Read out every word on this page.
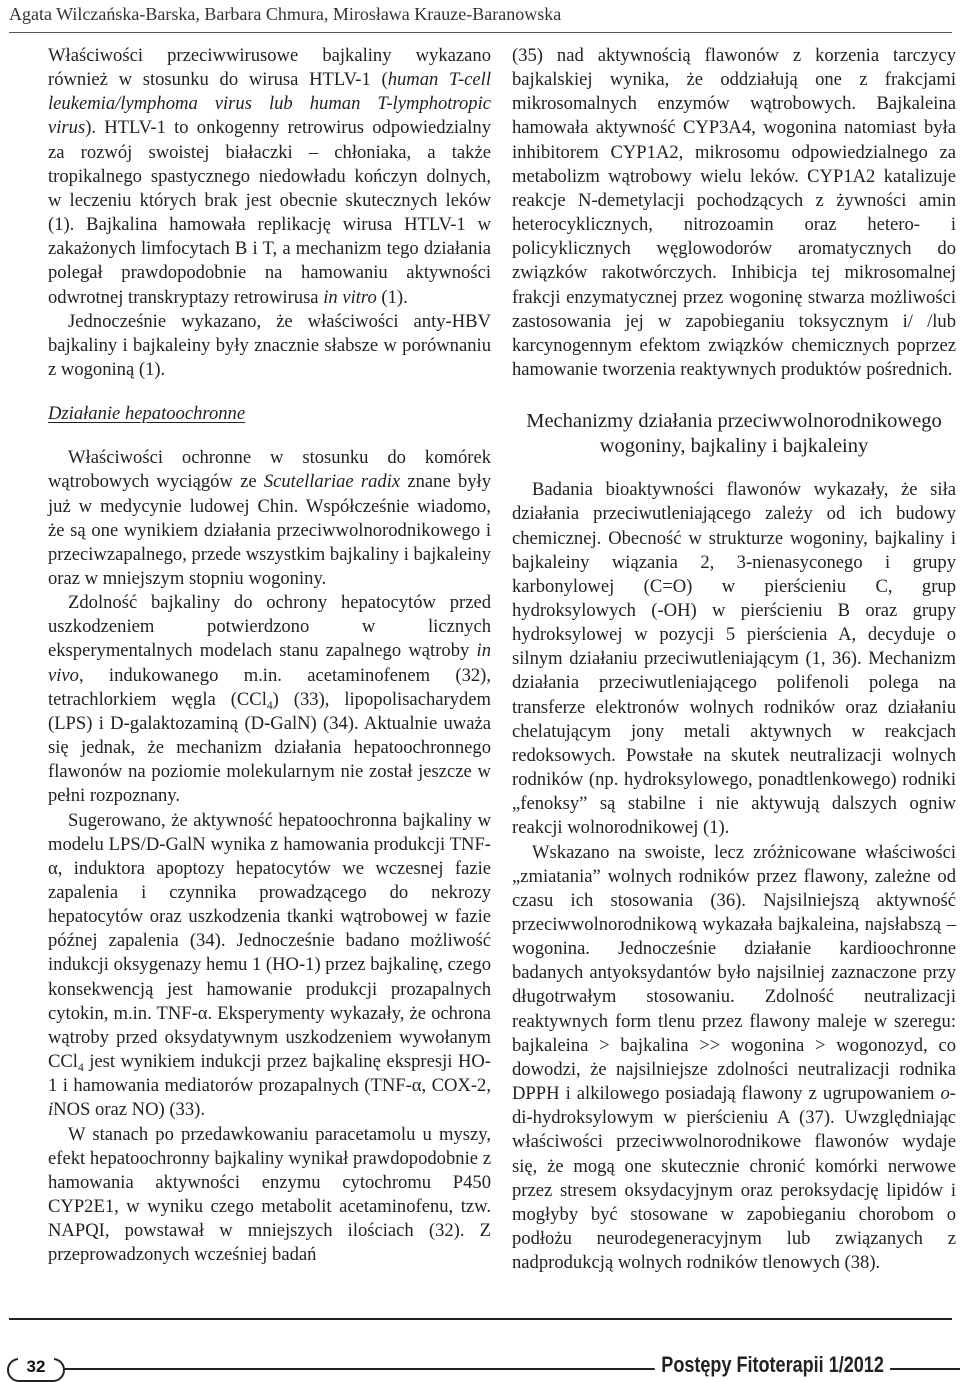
Agata Wilczańska-Barska, Barbara Chmura, Mirosława Krauze-Baranowska

Właściwości przeciwwirusowe bajkaliny wykazano również w stosunku do wirusa HTLV-1 (human T-cell leukemia/lymphoma virus lub human T-lymphotropic virus). HTLV-1 to onkogenny retrowirus odpowiedzialny za rozwój swoistej białaczki – chłoniaka, a także tropikalnego spastycznego niedowładu kończyn dolnych, w leczeniu których brak jest obecnie skutecznych leków (1). Bajkalina hamowała replikację wirusa HTLV-1 w zakażonych limfocytach B i T, a mechanizm tego działania polegał prawdopodobnie na hamowaniu aktywności odwrotnej transkryptazy retrowirusa in vitro (1).

Jednocześnie wykazano, że właściwości anty-HBV bajkaliny i bajkaleiny były znacznie słabsze w porównaniu z wogoniną (1).

Działanie hepatoochronne

Właściwości ochronne w stosunku do komórek wątrobowych wyciągów ze Scutellariae radix znane były już w medycynie ludowej Chin. Współcześnie wiadomo, że są one wynikiem działania przeciwwolnorodnikowego i przeciwzapalnego, przede wszystkim bajkaliny i bajkaleiny oraz w mniejszym stopniu wogoniny.

Zdolność bajkaliny do ochrony hepatocytów przed uszkodzeniem potwierdzono w licznych eksperymentalnych modelach stanu zapalnego wątroby in vivo, indukowanego m.in. acetaminofenem (32), tetrachlorkiem węgla (CCl$_4$) (33), lipopolisacharydem (LPS) i D-galaktozaminą (D-GalN) (34). Aktualnie uważa się jednak, że mechanizm działania hepatoochronnego flawonów na poziomie molekularnym nie został jeszcze w pełni rozpoznany.

Sugerowano, że aktywność hepatoochronna bajkaliny w modelu LPS/D-GalN wynika z hamowania produkcji TNF-α, induktora apoptozy hepatocytów we wczesnej fazie zapalenia i czynnika prowadzącego do nekrozy hepatocytów oraz uszkodzenia tkanki wątrobowej w fazie późnej zapalenia (34). Jednocześnie badano możliwość indukcji oksygenazy hemu 1 (HO-1) przez bajkalinę, czego konsekwencją jest hamowanie produkcji prozapalnych cytokin, m.in. TNF-α. Eksperymenty wykazały, że ochrona wątroby przed oksydatywnym uszkodzeniem wywołanym CCl$_4$ jest wynikiem indukcji przez bajkalinę ekspresji HO-1 i hamowania mediatorów prozapalnych (TNF-α, COX-2, iNOS oraz NO) (33).

W stanach po przedawkowaniu paracetamolu u myszy, efekt hepatoochronny bajkaliny wynikał prawdopodobnie z hamowania aktywności enzymu cytochromu P450 CYP2E1, w wyniku czego metabolit acetaminofenu, tzw. NAPQI, powstawał w mniejszych ilościach (32). Z przeprowadzonych wcześniej badań

(35) nad aktywnością flawonów z korzenia tarczycy bajkalskiej wynika, że oddziałują one z frakcjami mikrosomalnych enzymów wątrobowych. Bajkaleina hamowała aktywność CYP3A4, wogonina natomiast była inhibitorem CYP1A2, mikrosomu odpowiedzialnego za metabolizm wątrobowy wielu leków. CYP1A2 katalizuje reakcje N-demetylacji pochodzących z żywności amin heterocyklicznych, nitrozoamin oraz hetero- i policyklicznych węglowodorów aromatycznych do związków rakotwórczych. Inhibicja tej mikrosomalnej frakcji enzymatycznej przez wogoninę stwarza możliwości zastosowania jej w zapobieganiu toksycznym i/ /lub karcynogennym efektom związków chemicznych poprzez hamowanie tworzenia reaktywnych produktów pośrednich.

Mechanizmy działania przeciwwolnorodnikowego wogoniny, bajkaliny i bajkaleiny

Badania bioaktywności flawonów wykazały, że siła działania przeciwutleniającego zależy od ich budowy chemicznej. Obecność w strukturze wogoniny, bajkaliny i bajkaleiny wiązania 2, 3-nienasyconego i grupy karbonylowej (C=O) w pierścieniu C, grup hydroksylowych (-OH) w pierścieniu B oraz grupy hydroksylowej w pozycji 5 pierścienia A, decyduje o silnym działaniu przeciwutleniającym (1, 36). Mechanizm działania przeciwutleniającego polifenoli polega na transferze elektronów wolnych rodników oraz działaniu chelatującym jony metali aktywnych w reakcjach redoksowych. Powstałe na skutek neutralizacji wolnych rodników (np. hydroksylowego, ponadtlenkowego) rodniki „fenoksy” są stabilne i nie aktywują dalszych ogniw reakcji wolnorodnikowej (1).

Wskazano na swoiste, lecz zróżnicowane właściwości „zmiatania” wolnych rodników przez flawony, zależne od czasu ich stosowania (36). Najsilniejszą aktywność przeciwwolnorodnikową wykazała bajkaleina, najsłabszą – wogonina. Jednocześnie działanie kardioochronne badanych antyoksydantów było najsilniej zaznaczone przy długotrwałym stosowaniu. Zdolność neutralizacji reaktywnych form tlenu przez flawony maleje w szeregu: bajkaleina > bajkalina >> wogonina > wogonozyd, co dowodzi, że najsilniejsze zdolności neutralizacji rodnika DPPH i alkilowego posiadają flawony z ugrupowaniem o-di-hydroksylowym w pierścieniu A (37). Uwzględniając właściwości przeciwwolnorodnikowe flawonów wydaje się, że mogą one skutecznie chronić komórki nerwowe przez stresem oksydacyjnym oraz peroksydację lipidów i mogłyby być stosowane w zapobieganiu chorobom o podłożu neurodegeneracyjnym lub związanych z nadprodukcją wolnych rodników tlenowych (38).

32	Postępy Fitoterapii 1/2012
